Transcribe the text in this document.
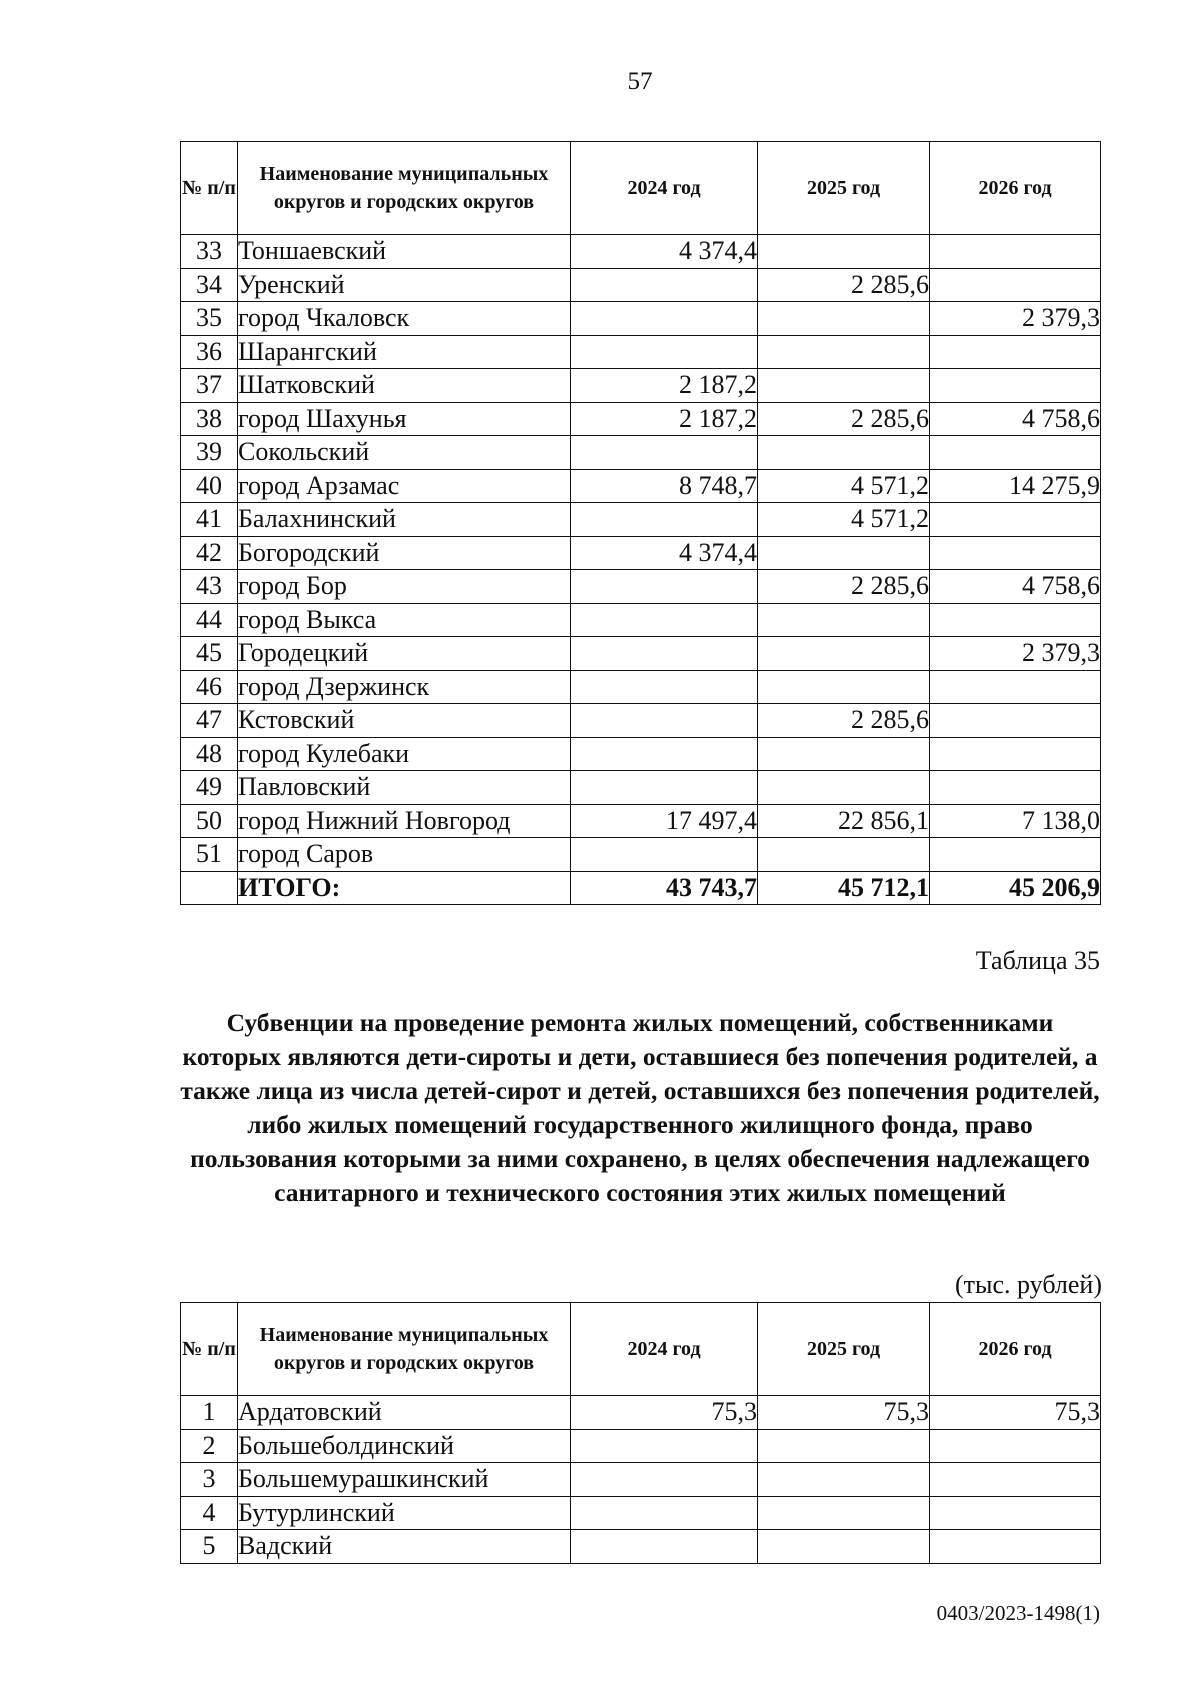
57
№ п/п	Наименование муниципальных округов и городских округов	2024 год	2025 год	2026 год
33	Тоншаевский	4 374,4		
34	Уренский		2 285,6	
35	город Чкаловск			2 379,3
36	Шарангский			
37	Шатковский	2 187,2		
38	город Шахунья	2 187,2	2 285,6	4 758,6
39	Сокольский			
40	город Арзамас	8 748,7	4 571,2	14 275,9
41	Балахнинский		4 571,2	
42	Богородский	4 374,4		
43	город Бор		2 285,6	4 758,6
44	город Выкса			
45	Городецкий			2 379,3
46	город Дзержинск			
47	Кстовский		2 285,6	
48	город Кулебаки			
49	Павловский			
50	город Нижний Новгород	17 497,4	22 856,1	7 138,0
51	город Саров			
	ИТОГО:	43 743,7	45 712,1	45 206,9
Таблица 35
Субвенции на проведение ремонта жилых помещений, собственниками которых являются дети-сироты и дети, оставшиеся без попечения родителей, а также лица из числа детей-сирот и детей, оставшихся без попечения родителей, либо жилых помещений государственного жилищного фонда, право пользования которыми за ними сохранено, в целях обеспечения надлежащего санитарного и технического состояния этих жилых помещений
(тыс. рублей)
№ п/п	Наименование муниципальных округов и городских округов	2024 год	2025 год	2026 год
1	Ардатовский	75,3	75,3	75,3
2	Большеболдинский			
3	Большемурашкинский			
4	Бутурлинский			
5	Вадский			
0403/2023-1498(1)
